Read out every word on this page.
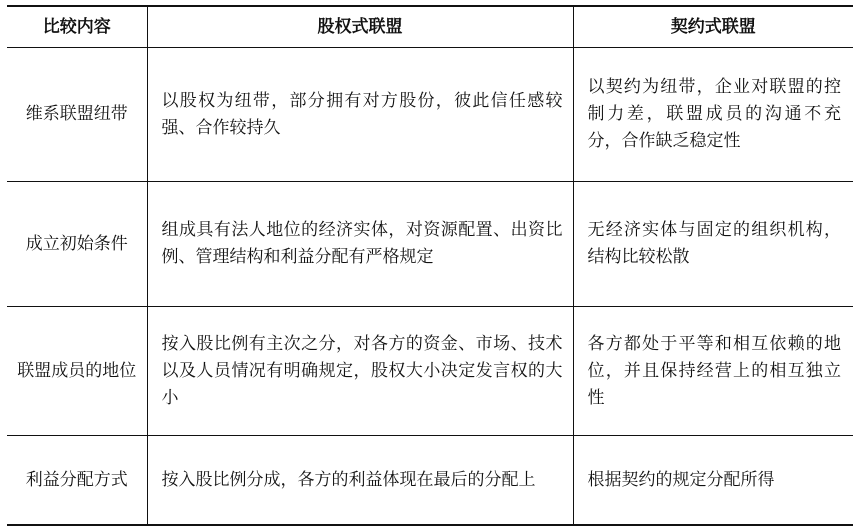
比较内容	股权式联盟	契约式联盟
维系联盟纽带	以股权为纽带，部分拥有对方股份，彼此信任感较强、合作较持久	以契约为纽带，企业对联盟的控制力差，联盟成员的沟通不充分，合作缺乏稳定性
成立初始条件	组成具有法人地位的经济实体，对资源配置、出资比例、管理结构和利益分配有严格规定	无经济实体与固定的组织机构，结构比较松散
联盟成员的地位	按入股比例有主次之分，对各方的资金、市场、技术以及人员情况有明确规定，股权大小决定发言权的大小	各方都处于平等和相互依赖的地位，并且保持经营上的相互独立性
利益分配方式	按入股比例分成，各方的利益体现在最后的分配上	根据契约的规定分配所得
